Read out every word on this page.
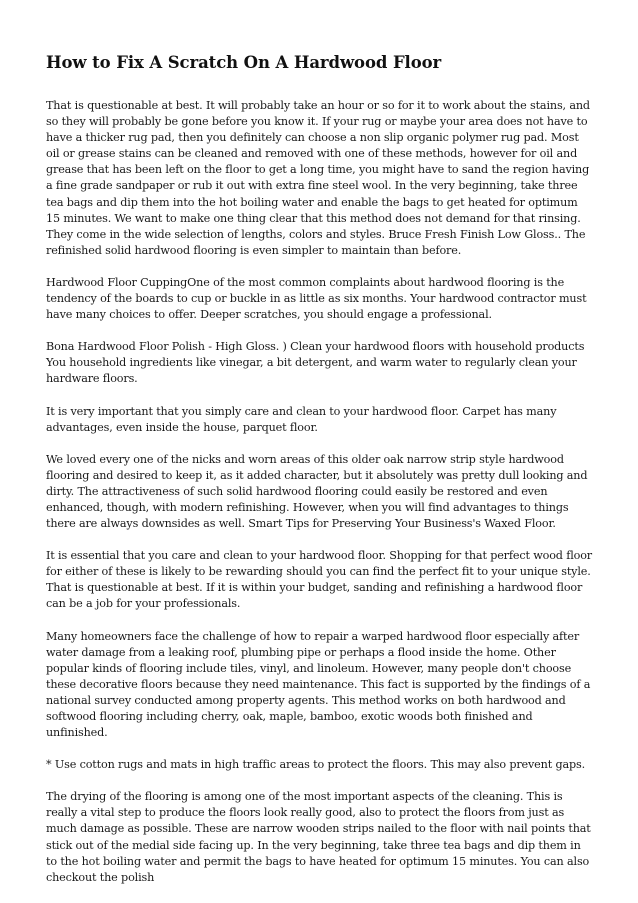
How to Fix A Scratch On A Hardwood Floor

That is questionable at best. It will probably take an hour or so for it to work about the stains, and so they will probably be gone before you know it. If your rug or maybe your area does not have to have a thicker rug pad, then you definitely can choose a non slip organic polymer rug pad. Most oil or grease stains can be cleaned and removed with one of these methods, however for oil and grease that has been left on the floor to get a long time, you might have to sand the region having a fine grade sandpaper or rub it out with extra fine steel wool. In the very beginning, take three tea bags and dip them into the hot boiling water and enable the bags to get heated for optimum 15 minutes. We want to make one thing clear that this method does not demand for that rinsing. They come in the wide selection of lengths, colors and styles. Bruce Fresh Finish Low Gloss.. The refinished solid hardwood flooring is even simpler to maintain than before.

Hardwood Floor CuppingOne of the most common complaints about hardwood flooring is the tendency of the boards to cup or buckle in as little as six months. Your hardwood contractor must have many choices to offer. Deeper scratches, you should engage a professional.

Bona Hardwood Floor Polish - High Gloss. ) Clean your hardwood floors with household products You household ingredients like vinegar, a bit detergent, and warm water to regularly clean your hardware floors.

It is very important that you simply care and clean to your hardwood floor. Carpet has many advantages, even inside the house, parquet floor.

We loved every one of the nicks and worn areas of this older oak narrow strip style hardwood flooring and desired to keep it, as it added character, but it absolutely was pretty dull looking and dirty. The attractiveness of such solid hardwood flooring could easily be restored and even enhanced, though, with modern refinishing. However, when you will find advantages to things there are always downsides as well. Smart Tips for Preserving Your Business's Waxed Floor.

It is essential that you care and clean to your hardwood floor. Shopping for that perfect wood floor for either of these is likely to be rewarding should you can find the perfect fit to your unique style. That is questionable at best. If it is within your budget, sanding and refinishing a hardwood floor can be a job for your professionals.

Many homeowners face the challenge of how to repair a warped hardwood floor especially after water damage from a leaking roof, plumbing pipe or perhaps a flood inside the home. Other popular kinds of flooring include tiles, vinyl, and linoleum. However, many people don't choose these decorative floors because they need maintenance. This fact is supported by the findings of a national survey conducted among property agents. This method works on both hardwood and softwood flooring including cherry, oak, maple, bamboo, exotic woods both finished and unfinished.

* Use cotton rugs and mats in high traffic areas to protect the floors. This may also prevent gaps.

The drying of the flooring is among one of the most important aspects of the cleaning. This is really a vital step to produce the floors look really good, also to protect the floors from just as much damage as possible. These are narrow wooden strips nailed to the floor with nail points that stick out of the medial side facing up. In the very beginning, take three tea bags and dip them in to the hot boiling water and permit the bags to have heated for optimum 15 minutes. You can also checkout the polish
